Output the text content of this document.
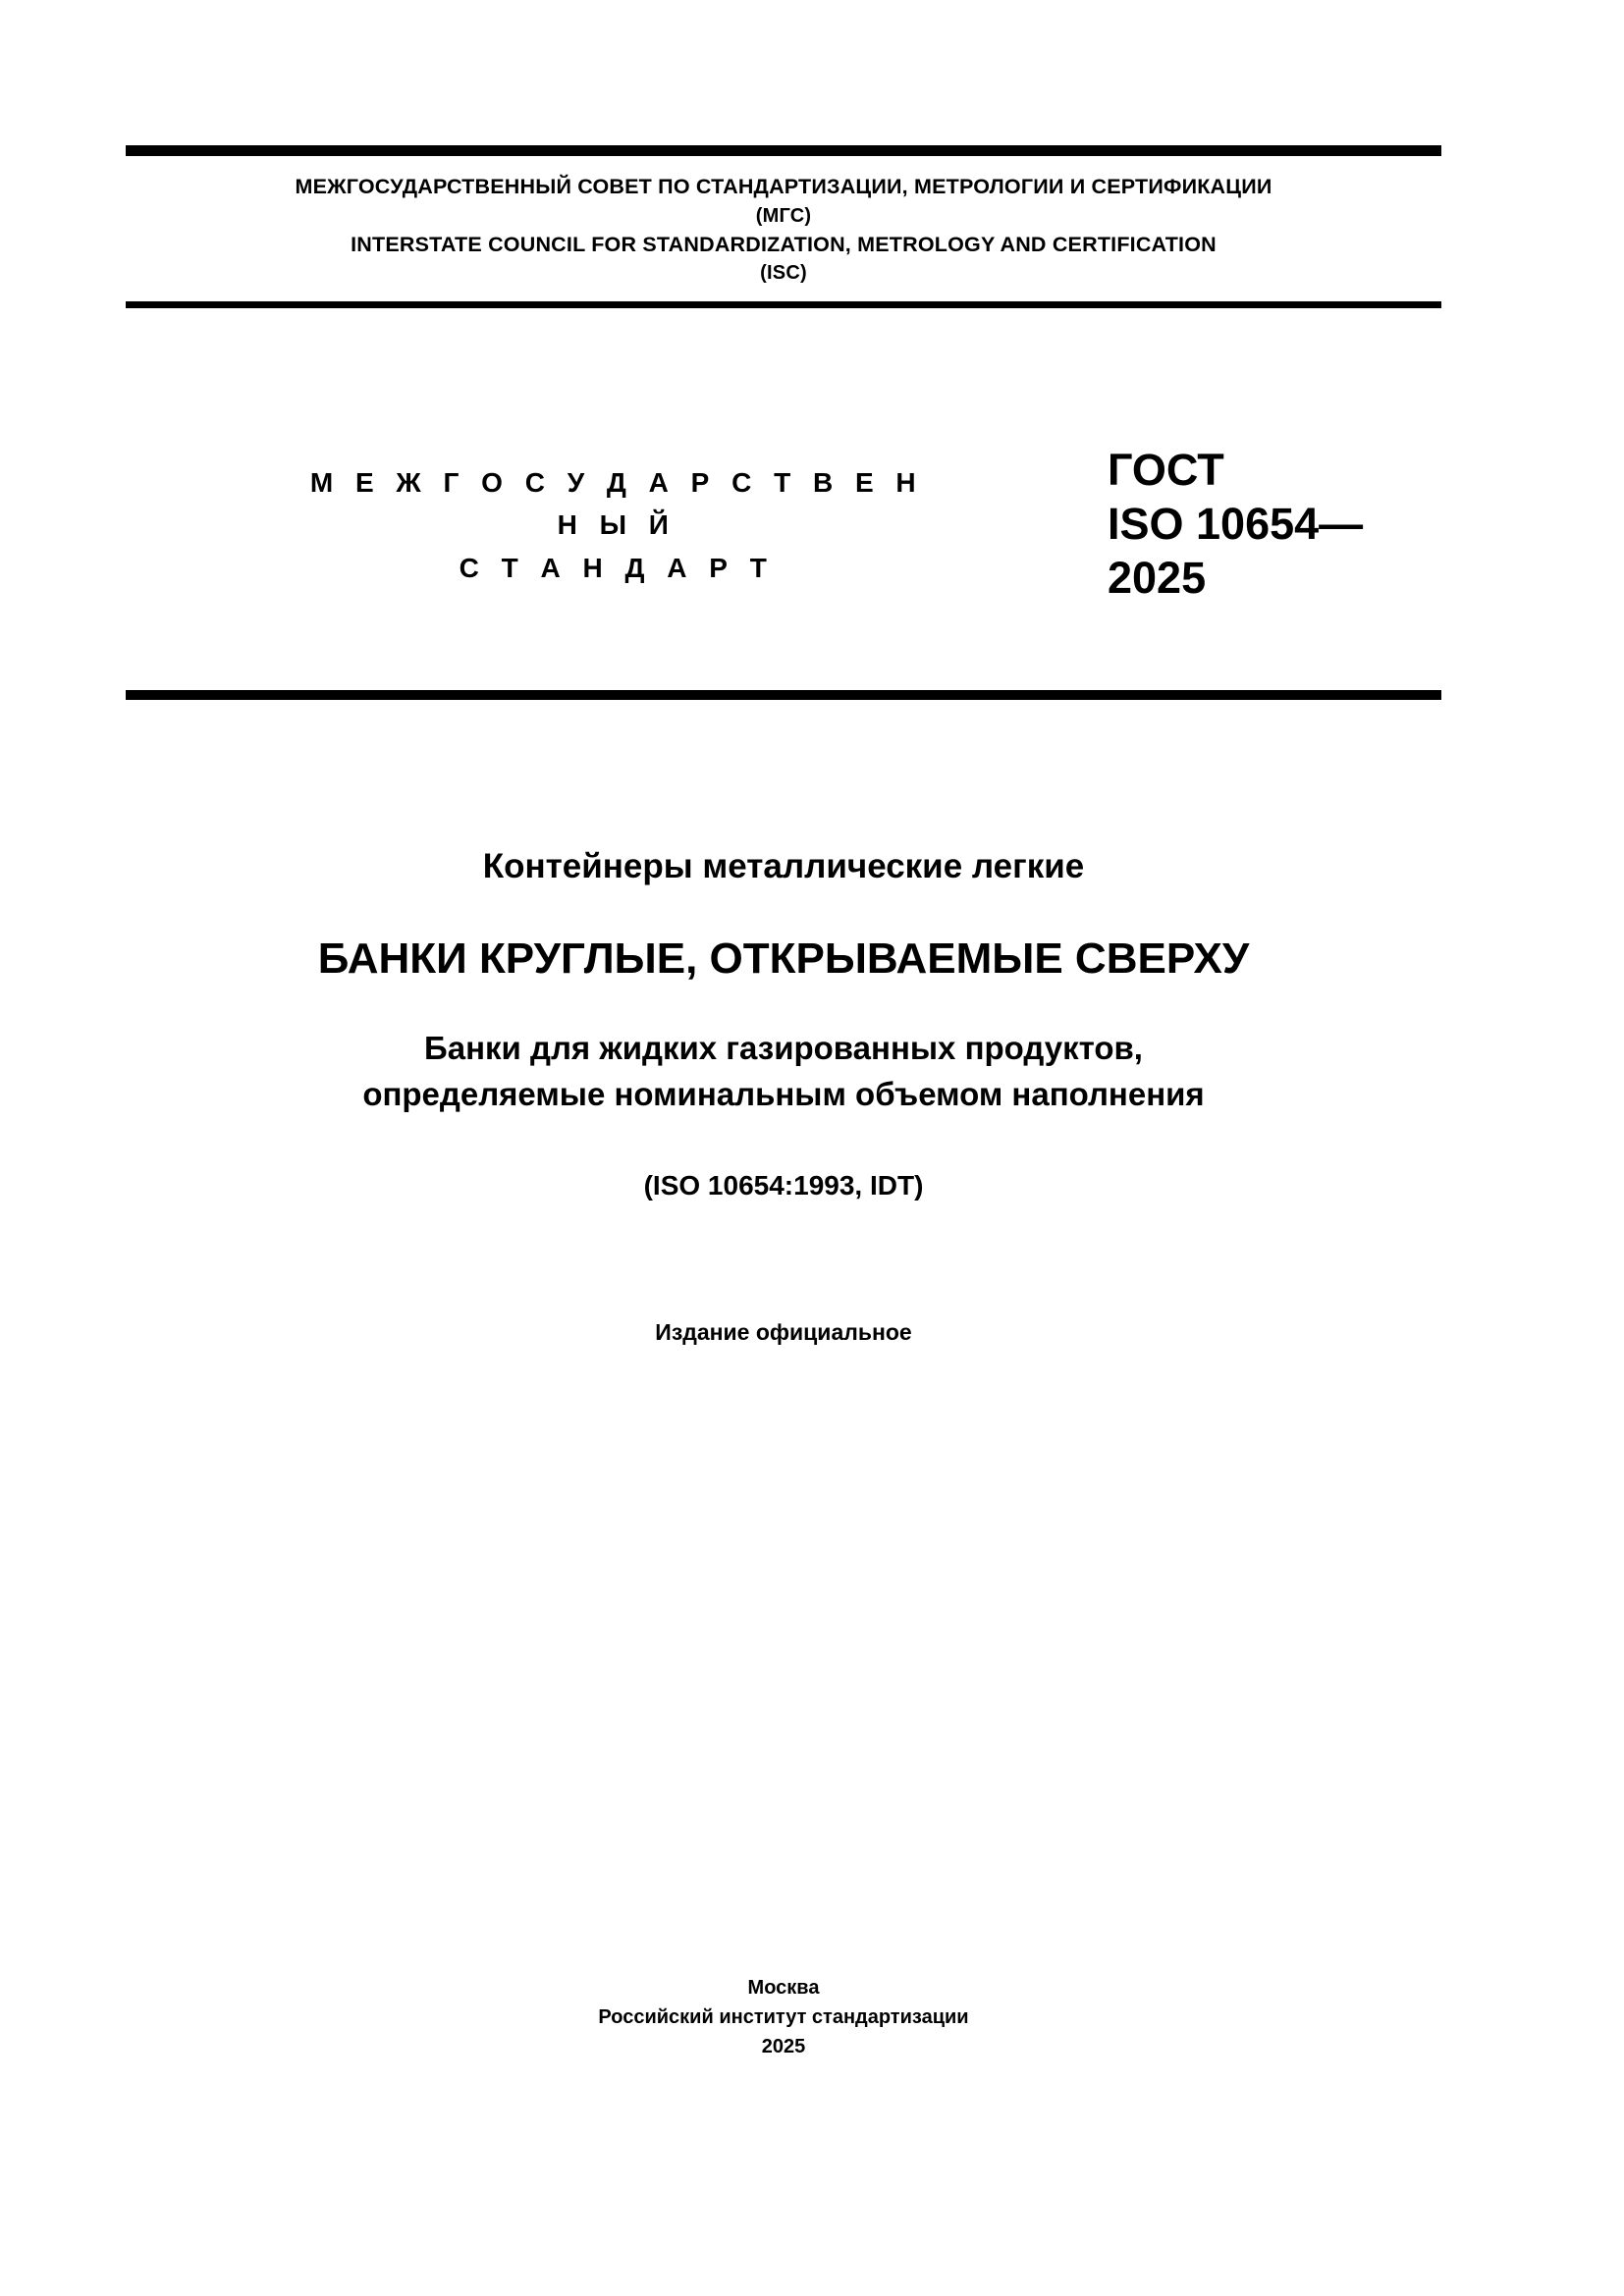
МЕЖГОСУДАРСТВЕННЫЙ СОВЕТ ПО СТАНДАРТИЗАЦИИ, МЕТРОЛОГИИ И СЕРТИФИКАЦИИ
(МГС)
INTERSTATE COUNCIL FOR STANDARDIZATION, METROLOGY AND CERTIFICATION
(ISC)
М Е Ж Г О С У Д А Р С Т В Е Н Н Ы Й
С Т А Н Д А Р Т
ГОСТ
ISO 10654—
2025
Контейнеры металлические легкие
БАНКИ КРУГЛЫЕ, ОТКРЫВАЕМЫЕ СВЕРХУ
Банки для жидких газированных продуктов,
определяемые номинальным объемом наполнения
(ISO 10654:1993, IDT)
Издание официальное
Москва
Российский институт стандартизации
2025
